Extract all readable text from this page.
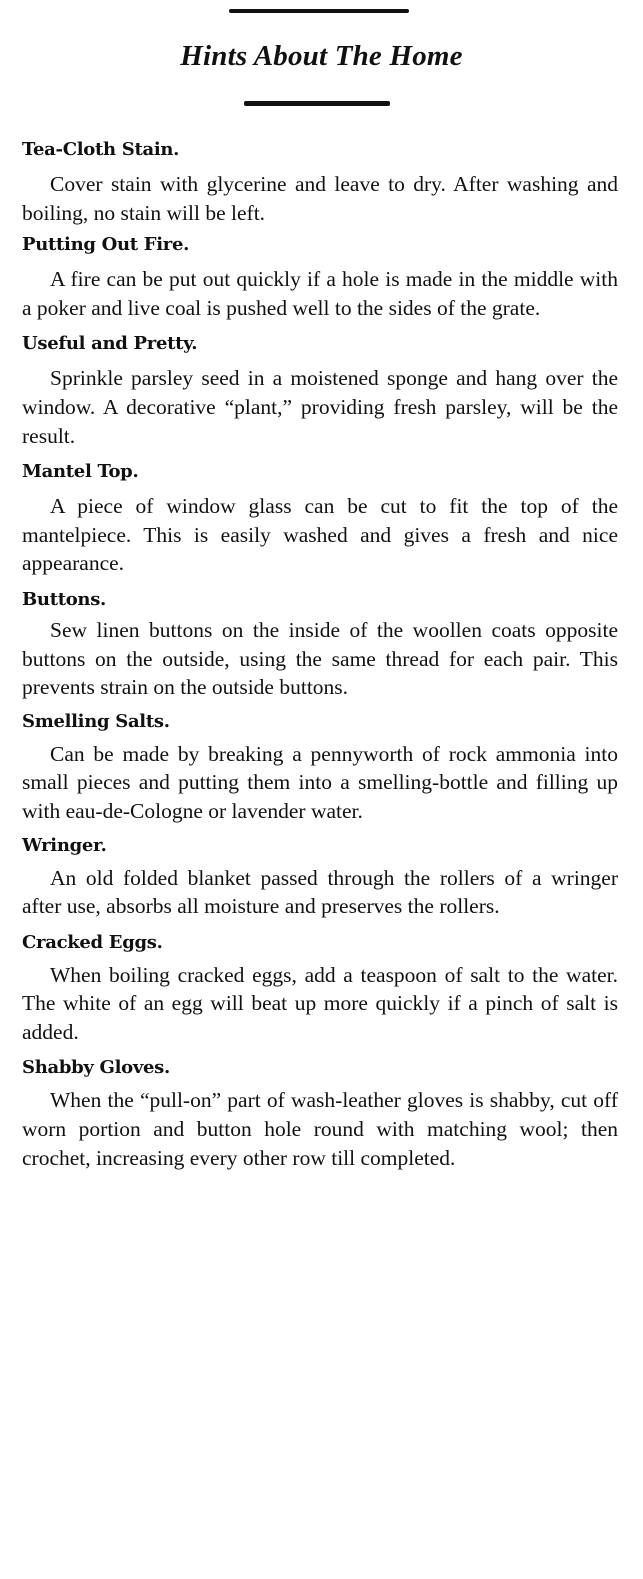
Hints About The Home
Tea-Cloth Stain.

Cover stain with glycerine and leave to dry. After washing and boiling, no stain will be left.

Putting Out Fire.

A fire can be put out quickly if a hole is made in the middle with a poker and live coal is pushed well to the sides of the grate.

Useful and Pretty.

Sprinkle parsley seed in a moistened sponge and hang over the window. A decorative “plant,” providing fresh parsley, will be the result.

Mantel Top.

A piece of window glass can be cut to fit the top of the mantelpiece. This is easily washed and gives a fresh and nice appearance.

Buttons.

Sew linen buttons on the inside of the woollen coats opposite buttons on the outside, using the same thread for each pair. This prevents strain on the outside buttons.

Smelling Salts.

Can be made by breaking a pennyworth of rock ammonia into small pieces and putting them into a smelling-bottle and filling up with eau-de-Cologne or lavender water.

Wringer.

An old folded blanket passed through the rollers of a wringer after use, absorbs all moisture and preserves the rollers.

Cracked Eggs.

When boiling cracked eggs, add a teaspoon of salt to the water. The white of an egg will beat up more quickly if a pinch of salt is added.

Shabby Gloves.

When the “pull-on” part of wash-leather gloves is shabby, cut off worn portion and button hole round with matching wool; then crochet, increasing every other row till completed.
